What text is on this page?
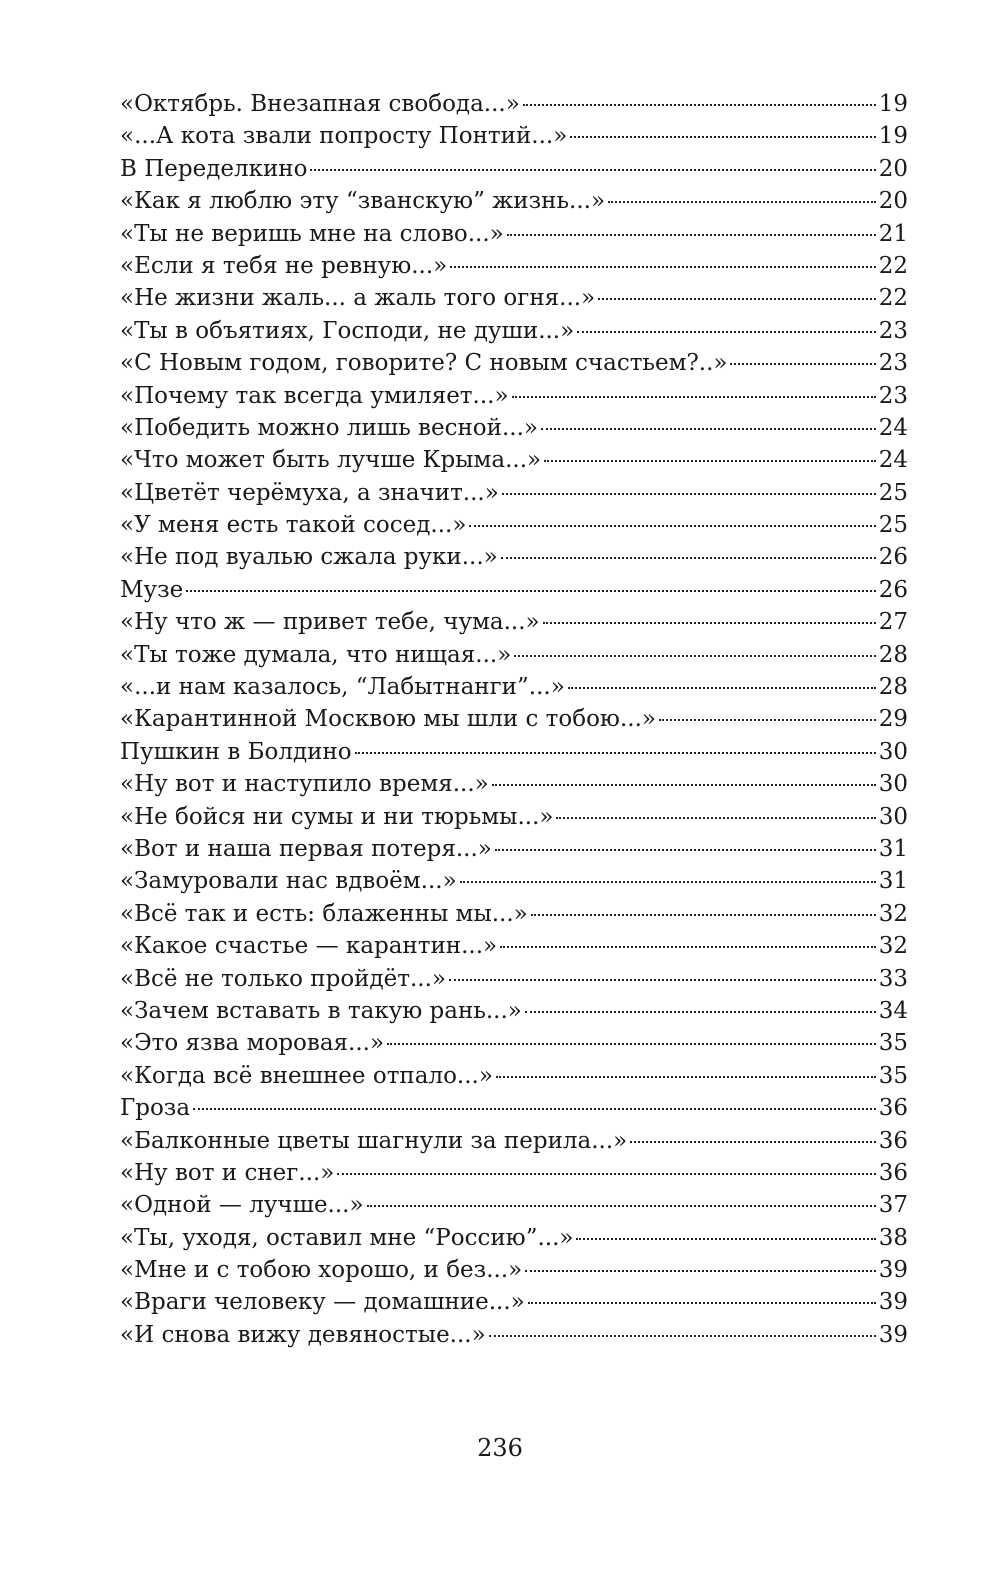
«Октябрь. Внезапная свобода...»	19
«...А кота звали попросту Понтий...»	19
В Переделкино	20
«Как я люблю эту “званскую” жизнь...»	20
«Ты не веришь мне на слово...»	21
«Если я тебя не ревную...»	22
«Не жизни жаль... а жаль того огня...»	22
«Ты в объятиях, Господи, не души...»	23
«С Новым годом, говорите? С новым счастьем?..»	23
«Почему так всегда умиляет...»	23
«Победить можно лишь весной...»	24
«Что может быть лучше Крыма...»	24
«Цветёт черёмуха, а значит...»	25
«У меня есть такой сосед...»	25
«Не под вуалью сжала руки...»	26
Музе	26
«Ну что ж — привет тебе, чума...»	27
«Ты тоже думала, что нищая...»	28
«...и нам казалось, “Лабытнанги”...»	28
«Карантинной Москвою мы шли с тобою...»	29
Пушкин в Болдино	30
«Ну вот и наступило время...»	30
«Не бойся ни сумы и ни тюрьмы...»	30
«Вот и наша первая потеря...»	31
«Замуровали нас вдвоём...»	31
«Всё так и есть: блаженны мы...»	32
«Какое счастье — карантин...»	32
«Всё не только пройдёт...»	33
«Зачем вставать в такую рань...»	34
«Это язва моровая...»	35
«Когда всё внешнее отпало...»	35
Гроза	36
«Балконные цветы шагнули за перила...»	36
«Ну вот и снег...»	36
«Одной — лучше...»	37
«Ты, уходя, оставил мне “Россию”...»	38
«Мне и с тобою хорошо, и без...»	39
«Враги человеку — домашние...»	39
«И снова вижу девяностые...»	39
236
